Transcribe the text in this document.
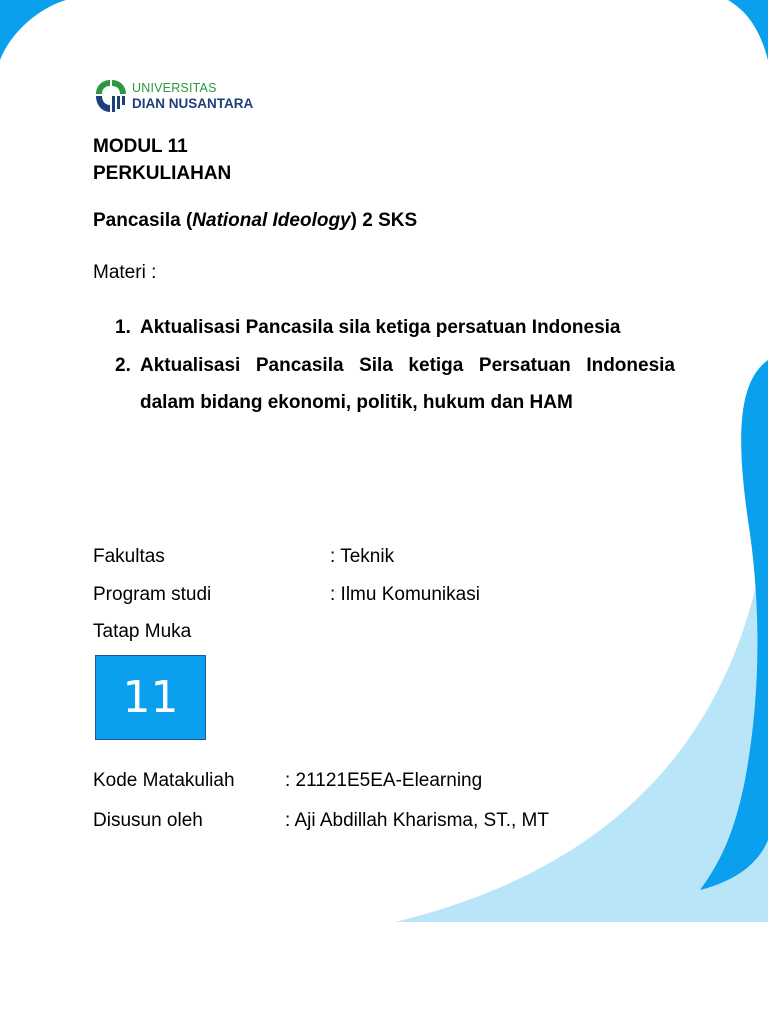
UNIVERSITAS
DIAN NUSANTARA
MODUL 11
PERKULIAHAN
Pancasila (National Ideology) 2 SKS
Materi :
1. Aktualisasi Pancasila sila ketiga persatuan Indonesia
2. Aktualisasi Pancasila Sila ketiga Persatuan Indonesia dalam bidang ekonomi, politik, hukum dan HAM
Fakultas	: Teknik
Program studi	: Ilmu Komunikasi
Tatap Muka
11
Kode Matakuliah	: 21121E5EA-Elearning
Disusun oleh	: Aji Abdillah Kharisma, ST., MT
